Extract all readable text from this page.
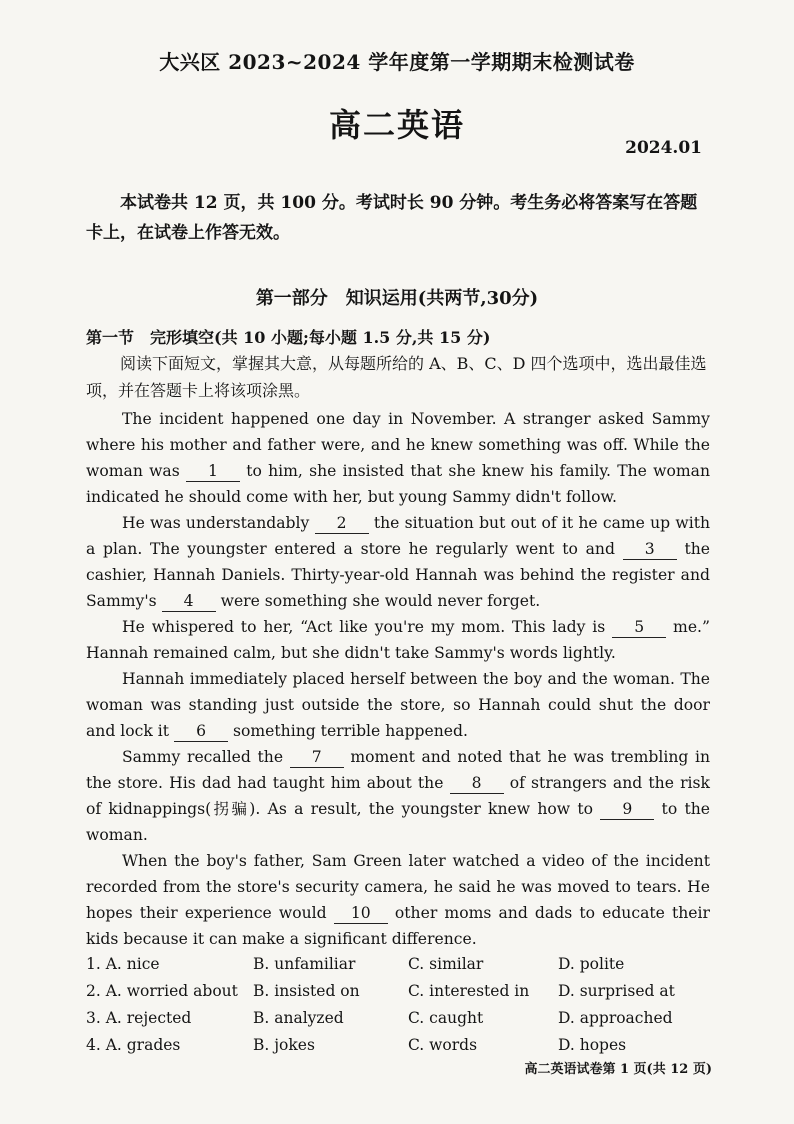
大兴区 2023~2024 学年度第一学期期末检测试卷
高二英语
2024.01
本试卷共 12 页，共 100 分。考试时长 90 分钟。考生务必将答案写在答题卡上，在试卷上作答无效。
第一部分　知识运用(共两节,30分)
第一节　完形填空(共 10 小题;每小题 1.5 分,共 15 分)
阅读下面短文，掌握其大意，从每题所给的 A、B、C、D 四个选项中，选出最佳选项，并在答题卡上将该项涂黑。

The incident happened one day in November. A stranger asked Sammy where his mother and father were, and he knew something was off. While the woman was 1 to him, she insisted that she knew his family. The woman indicated he should come with her, but young Sammy didn't follow.

He was understandably 2 the situation but out of it he came up with a plan. The youngster entered a store he regularly went to and 3 the cashier, Hannah Daniels. Thirty-year-old Hannah was behind the register and Sammy's 4 were something she would never forget.

He whispered to her, “Act like you're my mom. This lady is 5 me.” Hannah remained calm, but she didn't take Sammy's words lightly.

Hannah immediately placed herself between the boy and the woman. The woman was standing just outside the store, so Hannah could shut the door and lock it 6 something terrible happened.

Sammy recalled the 7 moment and noted that he was trembling in the store. His dad had taught him about the 8 of strangers and the risk of kidnappings(拐骗). As a result, the youngster knew how to 9 to the woman.

When the boy's father, Sam Green later watched a video of the incident recorded from the store's security camera, he said he was moved to tears. He hopes their experience would 10 other moms and dads to educate their kids because it can make a significant difference.

1. A. nice	B. unfamiliar	C. similar	D. polite
2. A. worried about B. insisted on	C. interested in	D. surprised at
3. A. rejected	B. analyzed	C. caught	D. approached
4. A. grades	B. jokes	C. words	D. hopes
高二英语试卷第 1 页(共 12 页)
